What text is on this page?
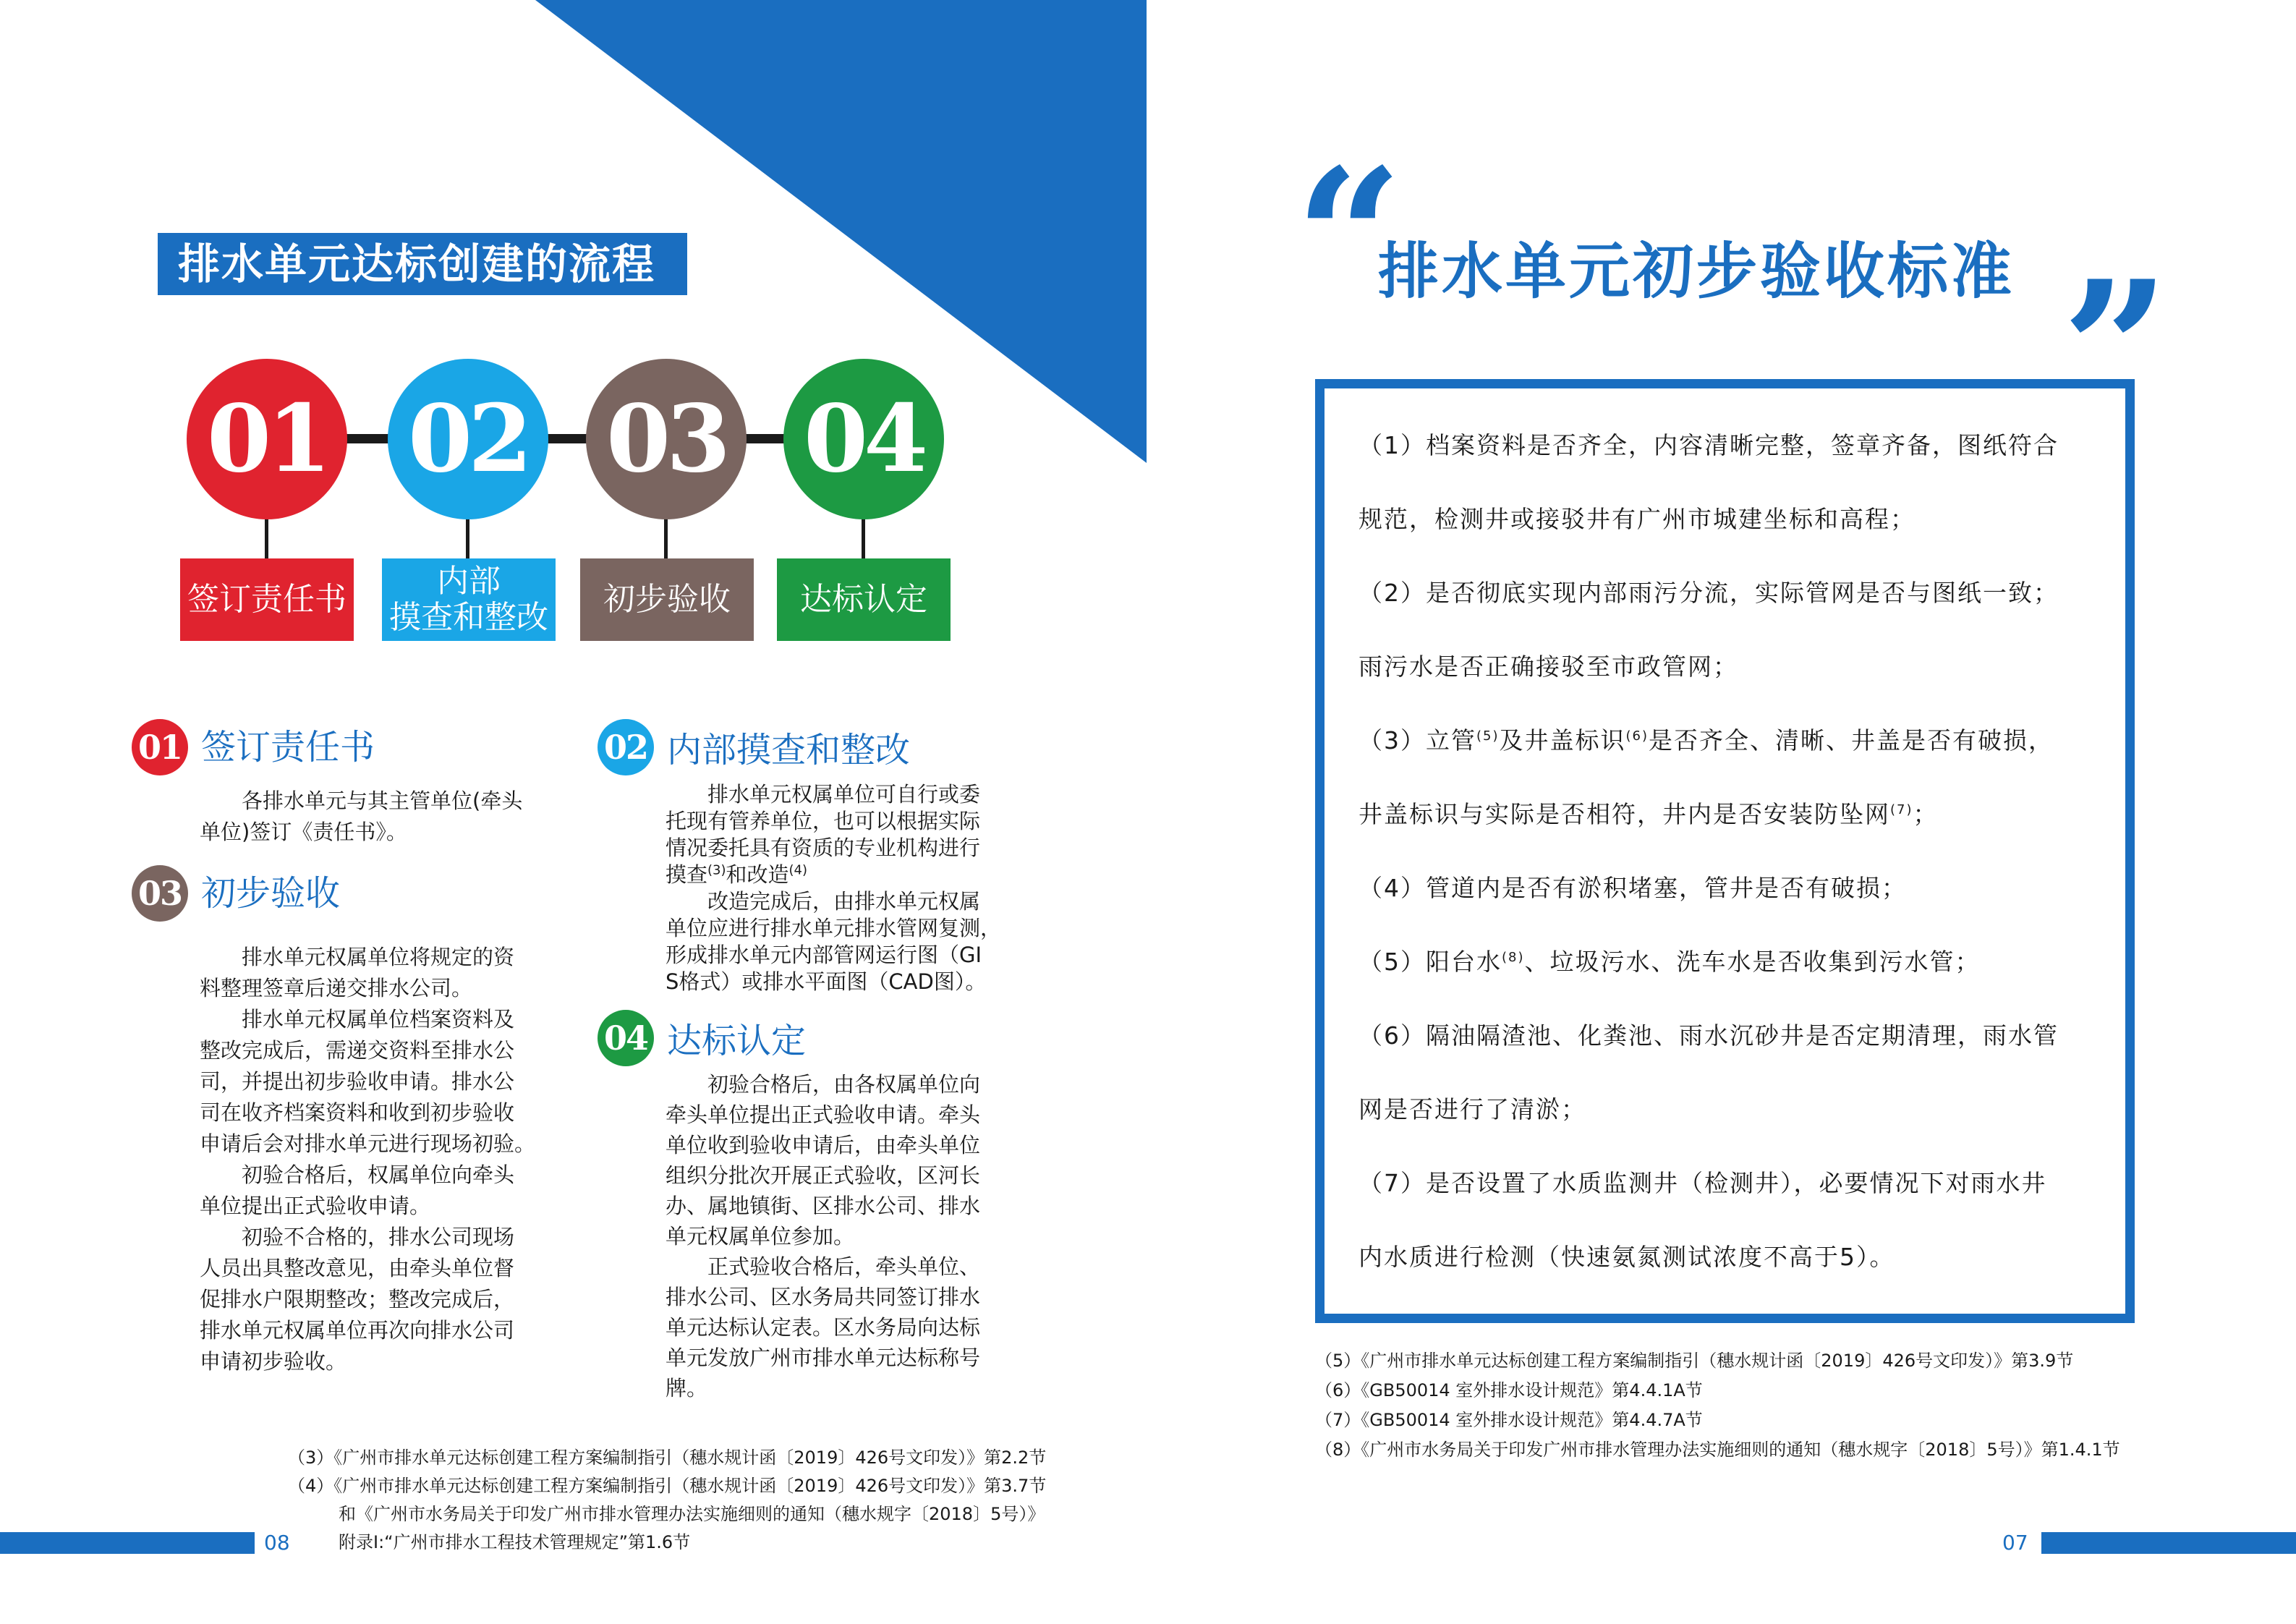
排水单元达标创建的流程
01 02 03 04
签订责任书	内部
摸查和整改 初步验收 达标认定
01 签订责任书

各排水单元与其主管单位(牵头

单位)签订《责任书》。

03 初步验收

排水单元权属单位将规定的资

料整理签章后递交排水公司。

排水单元权属单位档案资料及

整改完成后，需递交资料至排水公

司，并提出初步验收申请。排水公

司在收齐档案资料和收到初步验收

申请后会对排水单元进行现场初验。

初验合格后，权属单位向牵头

单位提出正式验收申请。

初验不合格的，排水公司现场

人员出具整改意见，由牵头单位督

促排水户限期整改；整改完成后，

排水单元权属单位再次向排水公司

申请初步验收。

02 内部摸查和整改

排水单元权属单位可自行或委

托现有管养单位，也可以根据实际

情况委托具有资质的专业机构进行

摸查$^{(3)}$和改造$^{(4)}$

改造完成后，由排水单元权属

单位应进行排水单元排水管网复测，

形成排水单元内部管网运行图（GI

S格式）或排水平面图（CAD图）。

04 达标认定

初验合格后，由各权属单位向

牵头单位提出正式验收申请。牵头

单位收到验收申请后，由牵头单位

组织分批次开展正式验收，区河长

办、属地镇街、区排水公司、排水

单元权属单位参加。

正式验收合格后，牵头单位、

排水公司、区水务局共同签订排水

单元达标认定表。区水务局向达标

单元发放广州市排水单元达标称号

牌。

（3）《广州市排水单元达标创建工程方案编制指引（穗水规计函〔2019〕426号文印发）》第2.2节
（4）《广州市排水单元达标创建工程方案编制指引（穗水规计函〔2019〕426号文印发）》第3.7节
和《广州市水务局关于印发广州市排水管理办法实施细则的通知（穗水规字〔2018〕5号）》
附录I:“广州市排水工程技术管理规定”第1.6节
08
“
排水单元初步验收标准 ”
（1）档案资料是否齐全，内容清晰完整，签章齐备，图纸符合
规范，检测井或接驳井有广州市城建坐标和高程；
（2）是否彻底实现内部雨污分流，实际管网是否与图纸一致；
雨污水是否正确接驳至市政管网；
（3）立管$^{(5)}$及井盖标识$^{(6)}$是否齐全、清晰、井盖是否有破损，
井盖标识与实际是否相符，井内是否安装防坠网$^{(7)}$；
（4）管道内是否有淤积堵塞，管井是否有破损；
（5）阳台水$^{(8)}$、垃圾污水、洗车水是否收集到污水管；
（6）隔油隔渣池、化粪池、雨水沉砂井是否定期清理，雨水管
网是否进行了清淤；
（7）是否设置了水质监测井（检测井），必要情况下对雨水井
内水质进行检测（快速氨氮测试浓度不高于5）。
（5）《广州市排水单元达标创建工程方案编制指引（穗水规计函〔2019〕426号文印发）》第3.9节
（6）《GB50014 室外排水设计规范》第4.4.1A节
（7）《GB50014 室外排水设计规范》第4.4.7A节
（8）《广州市水务局关于印发广州市排水管理办法实施细则的通知（穗水规字〔2018〕5号）》第1.4.1节
07
